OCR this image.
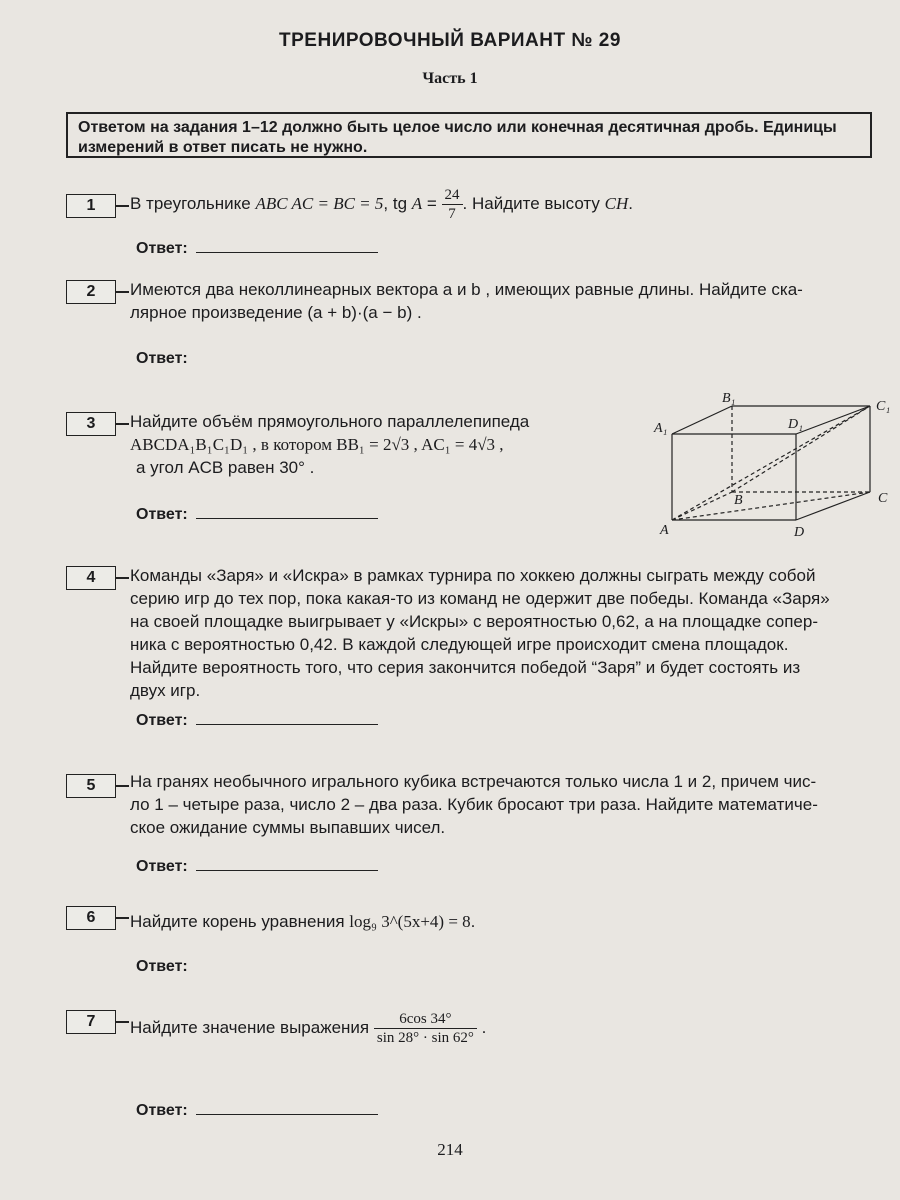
ТРЕНИРОВОЧНЫЙ ВАРИАНТ № 29
Часть 1
Ответом на задания 1–12 должно быть целое число или конечная десятичная дробь. Единицы измерений в ответ писать не нужно.
1	В треугольнике ABC AC = BC = 5, tg $A = \frac{24}{7}$ . Найдите высоту CH.
Ответ:
2	Имеются два неколлинеарных вектора a и b , имеющих равные длины. Найдите ска-
лярное произведение (a + b)·(a − b) .
Ответ:
3	Найдите объём прямоугольного параллелепипеда
ABCDA₁B₁C₁D₁ , в котором BB₁ = 2√3 , AC₁ = 4√3 ,
а угол ACB равен 30° .
Ответ:
A₁
B₁
C₁
D₁
A
B	C
D
4	Команды «Заря» и «Искра» в рамках турнира по хоккею должны сыграть между собой
серию игр до тех пор, пока какая-то из команд не одержит две победы. Команда «Заря»
на своей площадке выигрывает у «Искры» с вероятностью 0,62, а на площадке сопер-
ника с вероятностью 0,42. В каждой следующей игре происходит смена площадок.
Найдите вероятность того, что серия закончится победой “Заря” и будет состоять из
двух игр.
Ответ:
5	На гранях необычного игрального кубика встречаются только числа 1 и 2, причем чис-
ло 1 – четыре раза, число 2 – два раза. Кубик бросают три раза. Найдите математиче-
ское ожидание суммы выпавших чисел.
Ответ:
6	Найдите корень уравнения log₉ 3^(5x+4) = 8.
Ответ:
7	Найдите значение выражения $\frac{6\cos 34^\circ}{\sin 28^\circ \cdot \sin 62^\circ}$ .
Ответ:
214
